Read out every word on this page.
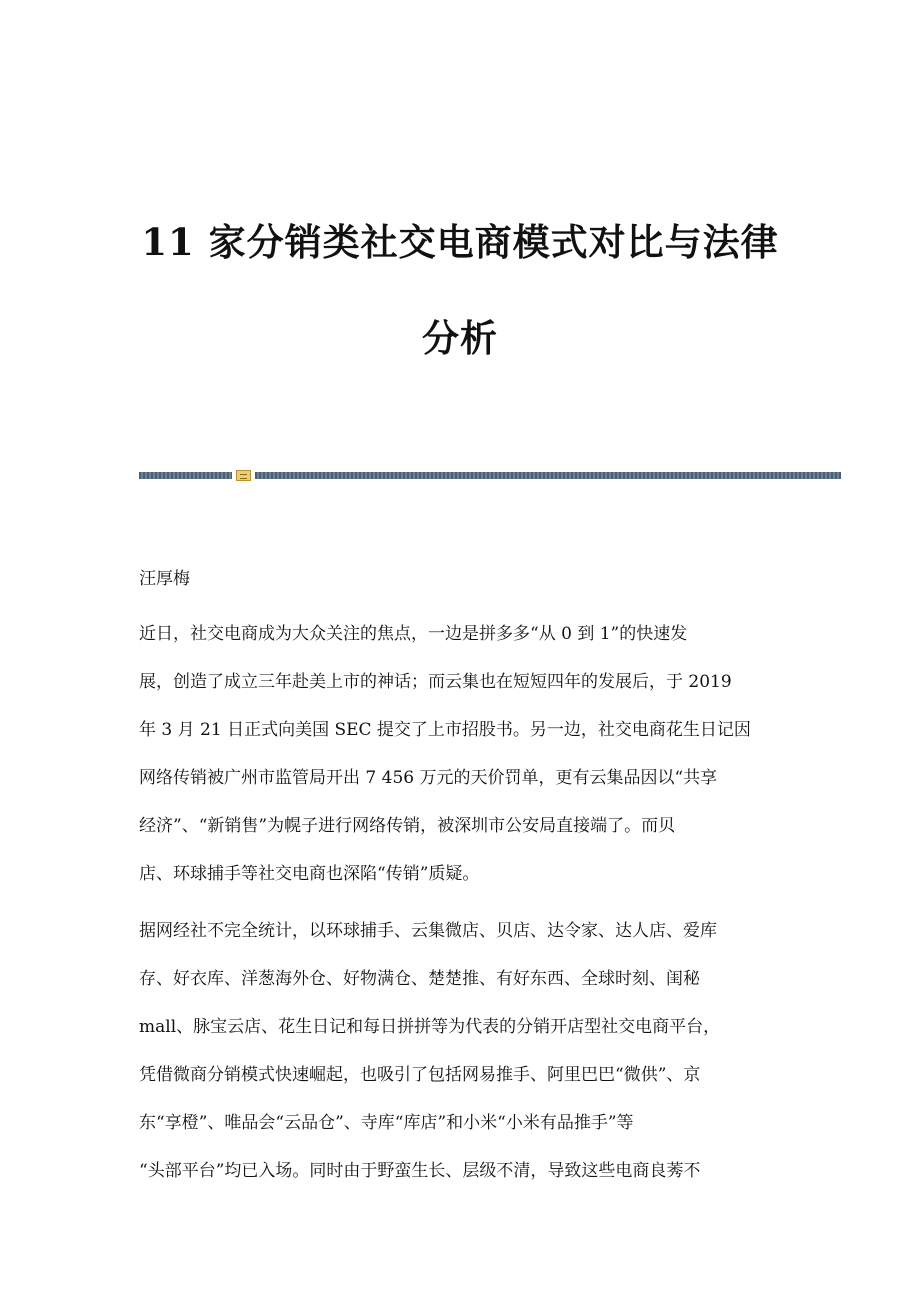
11 家分销类社交电商模式对比与法律
分析

汪厚梅

近日，社交电商成为大众关注的焦点，一边是拼多多“从 0 到 1”的快速发
展，创造了成立三年赴美上市的神话；而云集也在短短四年的发展后，于 2019
年 3 月 21 日正式向美国 SEC 提交了上市招股书。另一边，社交电商花生日记因
网络传销被广州市监管局开出 7 456 万元的天价罚单，更有云集品因以“共享
经济”、“新销售”为幌子进行网络传销，被深圳市公安局直接端了。而贝
店、环球捕手等社交电商也深陷“传销”质疑。
据网经社不完全统计，以环球捕手、云集微店、贝店、达令家、达人店、爱库
存、好衣库、洋葱海外仓、好物满仓、楚楚推、有好东西、全球时刻、闺秘
mall、脉宝云店、花生日记和每日拼拼等为代表的分销开店型社交电商平台，
凭借微商分销模式快速崛起，也吸引了包括网易推手、阿里巴巴“微供”、京
东“享橙”、唯品会“云品仓”、寺库“库店”和小米“小米有品推手”等
“头部平台”均已入场。同时由于野蛮生长、层级不清，导致这些电商良莠不
